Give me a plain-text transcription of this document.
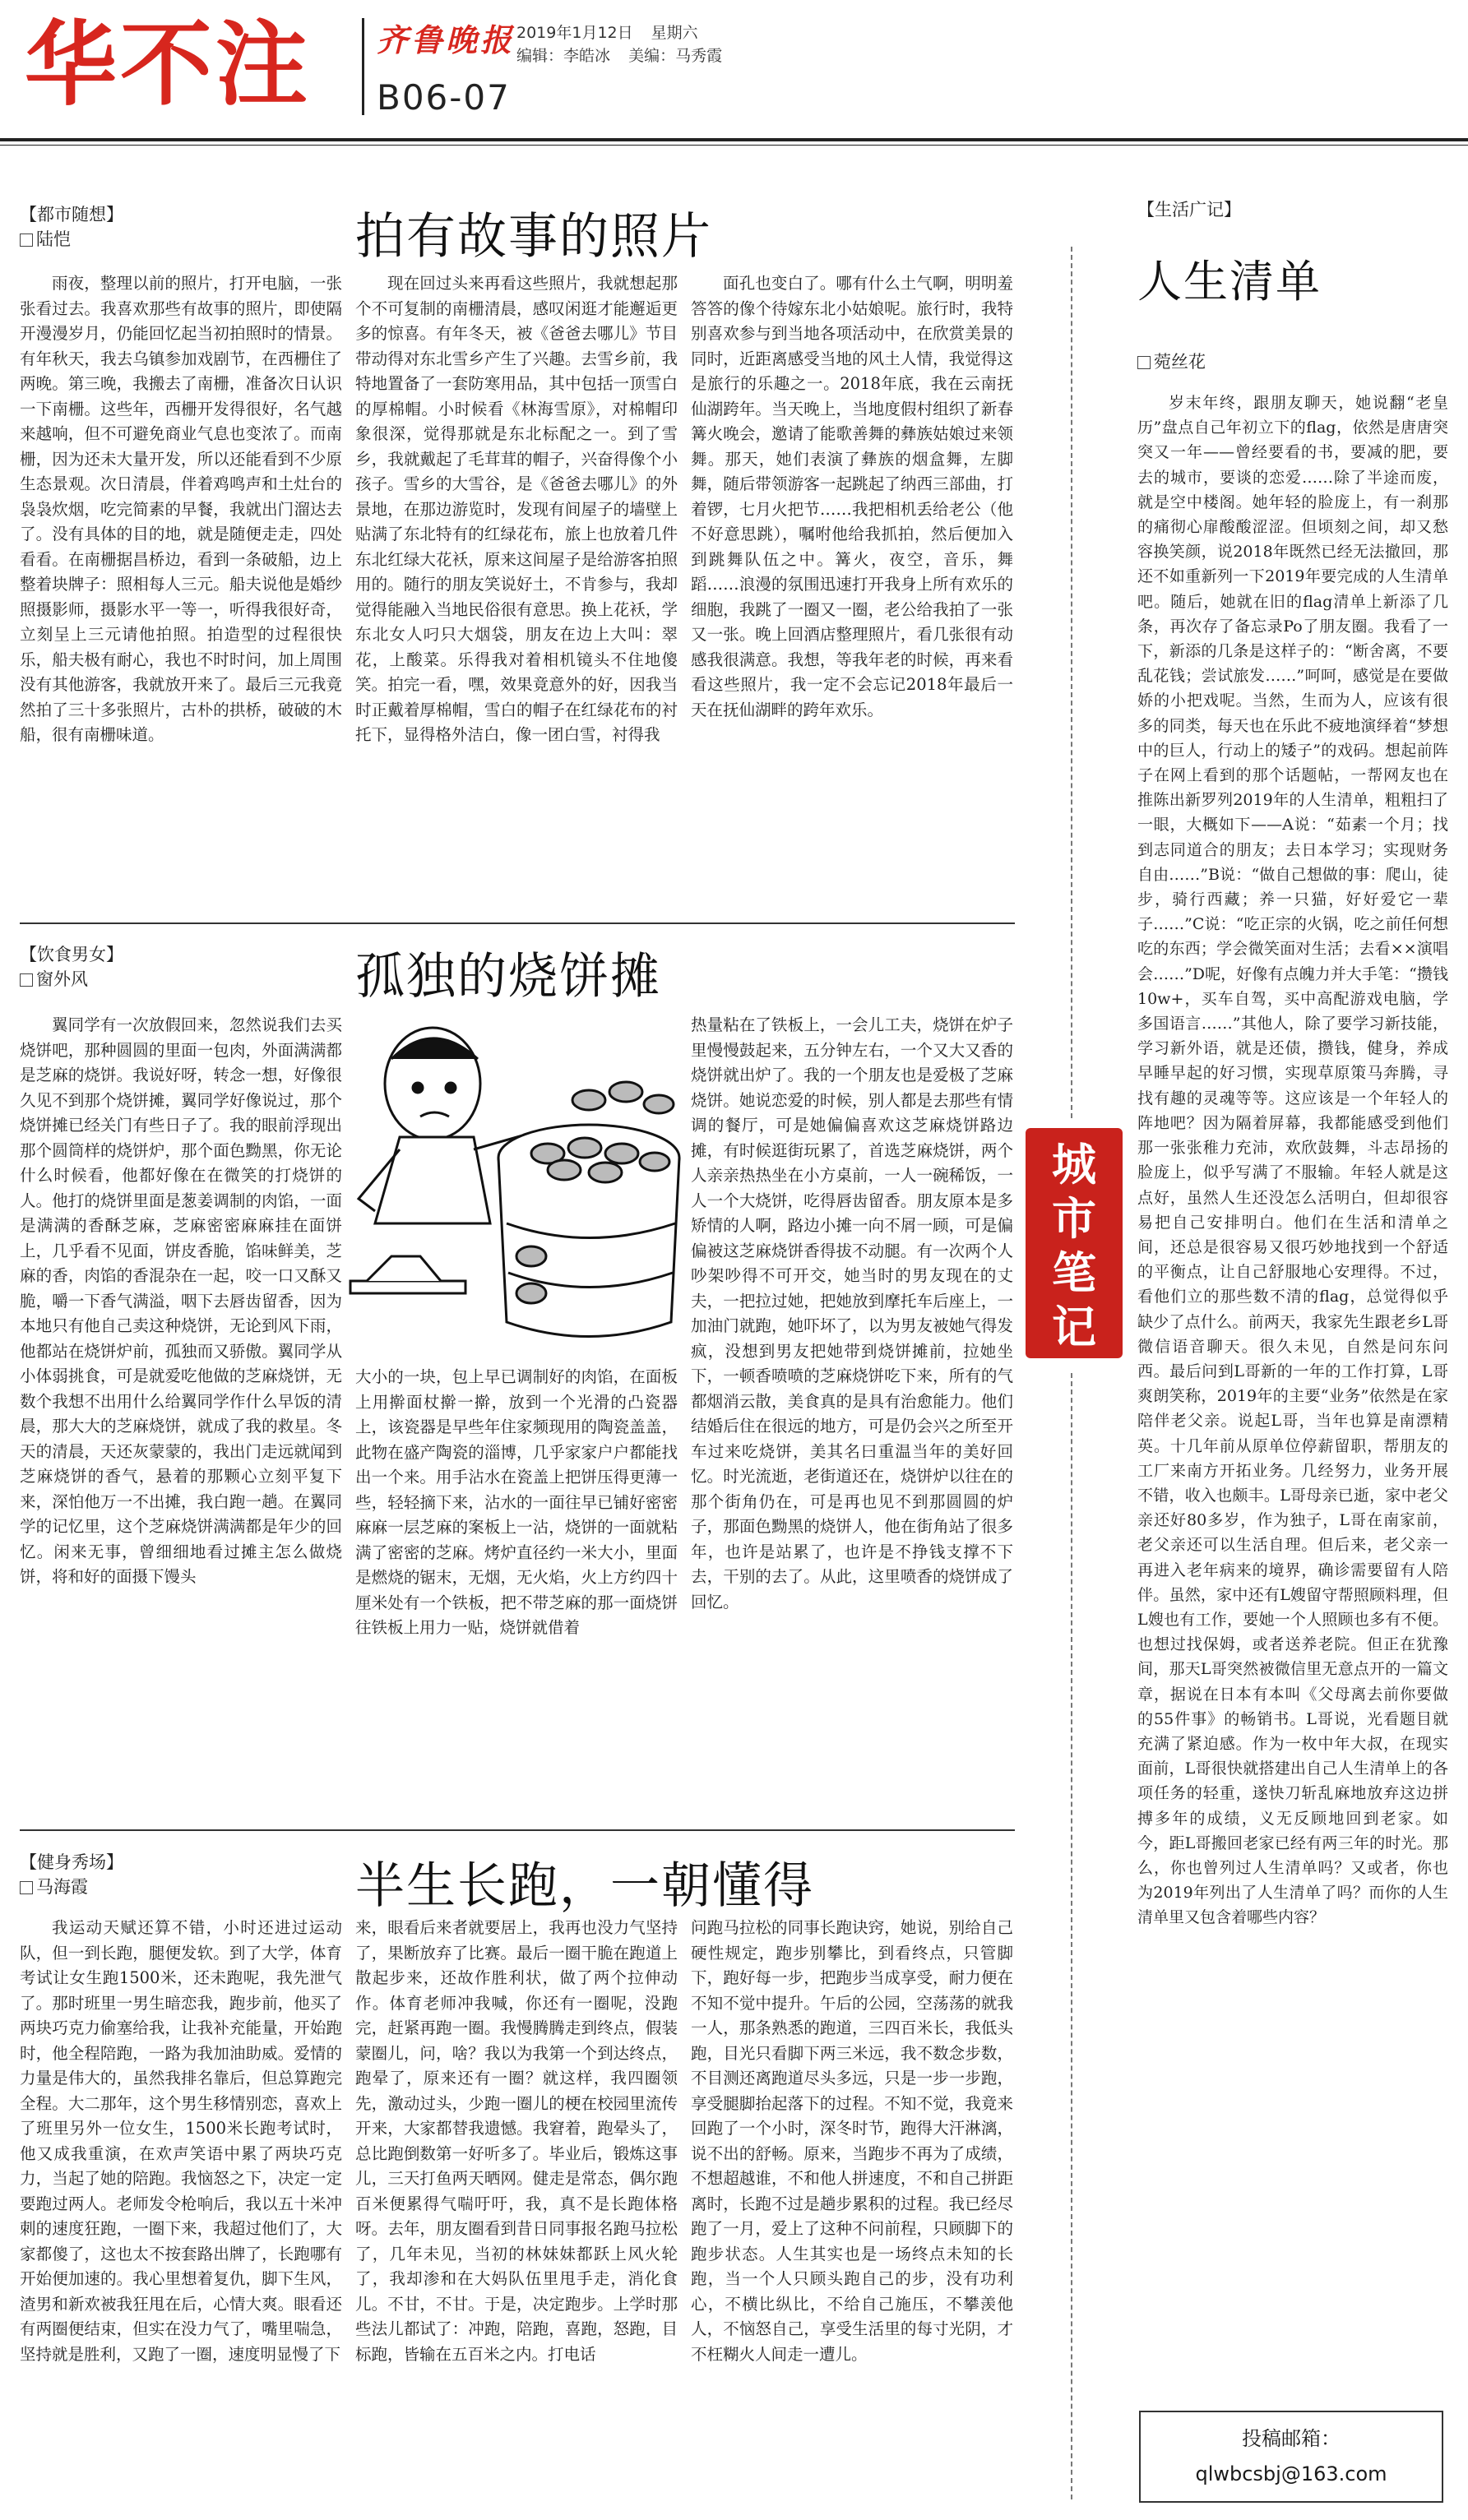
华不注 齐鲁晚报 2019年1月12日 星期六
编辑：李皓冰 美编：马秀霞
B06-07
【都市随想】
陆恺	拍有故事的照片
雨夜，整理以前的照片，打开电脑，一张张看过去。我喜欢那些有故事的照片，即使隔开漫漫岁月，仍能回忆起当初拍照时的情景。有年秋天，我去乌镇参加戏剧节，在西栅住了两晚。第三晚，我搬去了南栅，准备次日认识一下南栅。这些年，西栅开发得很好，名气越来越响，但不可避免商业气息也变浓了。而南栅，因为还未大量开发，所以还能看到不少原生态景观。次日清晨，伴着鸡鸣声和土灶台的袅袅炊烟，吃完简素的早餐，我就出门溜达去了。没有具体的目的地，就是随便走走，四处看看。在南栅据昌桥边，看到一条破船，边上整着块牌子：照相每人三元。船夫说他是婚纱照摄影师，摄影水平一等一，听得我很好奇，立刻呈上三元请他拍照。拍造型的过程很快乐，船夫极有耐心，我也不时时问，加上周围没有其他游客，我就放开来了。最后三元我竟然拍了三十多张照片，古朴的拱桥，破破的木船，很有南栅味道。
现在回过头来再看这些照片，我就想起那个不可复制的南栅清晨，感叹闲逛才能邂逅更多的惊喜。有年冬天，被《爸爸去哪儿》节目带动得对东北雪乡产生了兴趣。去雪乡前，我特地置备了一套防寒用品，其中包括一顶雪白的厚棉帽。小时候看《林海雪原》，对棉帽印象很深，觉得那就是东北标配之一。到了雪乡，我就戴起了毛茸茸的帽子，兴奋得像个小孩子。雪乡的大雪谷，是《爸爸去哪儿》的外景地，在那边游览时，发现有间屋子的墙壁上贴满了东北特有的红绿花布，旅上也放着几件东北红绿大花袄，原来这间屋子是给游客拍照用的。随行的朋友笑说好土，不肯参与，我却觉得能融入当地民俗很有意思。换上花袄，学东北女人叼只大烟袋，朋友在边上大叫：翠花，上酸菜。乐得我对着相机镜头不住地傻笑。拍完一看，嘿，效果竟意外的好，因我当时正戴着厚棉帽，雪白的帽子在红绿花布的衬托下，显得格外洁白，像一团白雪，衬得我
面孔也变白了。哪有什么土气啊，明明羞答答的像个待嫁东北小姑娘呢。旅行时，我特别喜欢参与到当地各项活动中，在欣赏美景的同时，近距离感受当地的风土人情，我觉得这是旅行的乐趣之一。2018年底，我在云南抚仙湖跨年。当天晚上，当地度假村组织了新春篝火晚会，邀请了能歌善舞的彝族姑娘过来领舞。那天，她们表演了彝族的烟盒舞，左脚舞，随后带领游客一起跳起了纳西三部曲，打着锣，七月火把节……我把相机丢给老公（他不好意思跳），嘱咐他给我抓拍，然后便加入到跳舞队伍之中。篝火，夜空，音乐，舞蹈……浪漫的氛围迅速打开我身上所有欢乐的细胞，我跳了一圈又一圈，老公给我拍了一张又一张。晚上回酒店整理照片，看几张很有动感我很满意。我想，等我年老的时候，再来看看这些照片，我一定不会忘记2018年最后一天在抚仙湖畔的跨年欢乐。
【饮食男女】
窗外风	孤独的烧饼摊
翼同学有一次放假回来，忽然说我们去买烧饼吧，那种圆圆的里面一包肉，外面满满都是芝麻的烧饼。我说好呀，转念一想，好像很久见不到那个烧饼摊，翼同学好像说过，那个烧饼摊已经关门有些日子了。我的眼前浮现出那个圆筒样的烧饼炉，那个面色黝黑，你无论什么时候看，他都好像在在微笑的打烧饼的人。他打的烧饼里面是葱姜调制的肉馅，一面是满满的香酥芝麻，芝麻密密麻麻挂在面饼上，几乎看不见面，饼皮香脆，馅味鲜美，芝麻的香，肉馅的香混杂在一起，咬一口又酥又脆，嚼一下香气满溢，咽下去唇齿留香，因为本地只有他自己卖这种烧饼，无论到风下雨，他都站在烧饼炉前，孤独而又骄傲。翼同学从小体弱挑食，可是就爱吃他做的芝麻烧饼，无数个我想不出用什么给翼同学作什么早饭的清晨，那大大的芝麻烧饼，就成了我的救星。冬天的清晨，天还灰蒙蒙的，我出门走远就闻到芝麻烧饼的香气，悬着的那颗心立刻平复下来，深怕他万一不出摊，我白跑一趟。在翼同学的记忆里，这个芝麻烧饼满满都是年少的回忆。闲来无事，曾细细地看过摊主怎么做烧饼，将和好的面摄下馒头
大小的一块，包上早已调制好的肉馅，在面板上用擀面杖擀一擀，放到一个光滑的凸瓷器上，该瓷器是早些年住家频现用的陶瓷盖盖，此物在盛产陶瓷的淄博，几乎家家户户都能找出一个来。用手沾水在瓷盖上把饼压得更薄一些，轻轻摘下来，沾水的一面往早已铺好密密麻麻一层芝麻的案板上一沾，烧饼的一面就粘满了密密的芝麻。烤炉直径约一米大小，里面是燃烧的锯末，无烟，无火焰，火上方约四十厘米处有一个铁板，把不带芝麻的那一面烧饼往铁板上用力一贴，烧饼就借着
热量粘在了铁板上，一会儿工夫，烧饼在炉子里慢慢鼓起来，五分钟左右，一个又大又香的烧饼就出炉了。我的一个朋友也是爱极了芝麻烧饼。她说恋爱的时候，别人都是去那些有情调的餐厅，可是她偏偏喜欢这芝麻烧饼路边摊，有时候逛街玩累了，首选芝麻烧饼，两个人亲亲热热坐在小方桌前，一人一碗稀饭，一人一个大烧饼，吃得唇齿留香。朋友原本是多矫情的人啊，路边小摊一向不屑一顾，可是偏偏被这芝麻烧饼香得拔不动腿。有一次两个人吵架吵得不可开交，她当时的男友现在的丈夫，一把拉过她，把她放到摩托车后座上，一加油门就跑，她吓坏了，以为男友被她气得发疯，没想到男友把她带到烧饼摊前，拉她坐下，一顿香喷喷的芝麻烧饼吃下来，所有的气都烟消云散，美食真的是具有治愈能力。他们结婚后住在很远的地方，可是仍会兴之所至开车过来吃烧饼，美其名曰重温当年的美好回忆。时光流逝，老街道还在，烧饼炉以往在的那个街角仍在，可是再也见不到那圆圆的炉子，那面色黝黑的烧饼人，他在街角站了很多年，也许是站累了，也许是不挣钱支撑不下去，干别的去了。从此，这里喷香的烧饼成了回忆。
【健身秀场】
马海霞	半生长跑，一朝懂得
我运动天赋还算不错，小时还进过运动队，但一到长跑，腿便发软。到了大学，体育考试让女生跑1500米，还未跑呢，我先泄气了。那时班里一男生暗恋我，跑步前，他买了两块巧克力偷塞给我，让我补充能量，开始跑时，他全程陪跑，一路为我加油助威。爱情的力量是伟大的，虽然我排名靠后，但总算跑完全程。大二那年，这个男生移情别恋，喜欢上了班里另外一位女生，1500米长跑考试时，他又成我重演，在欢声笑语中累了两块巧克力，当起了她的陪跑。我恼怒之下，决定一定要跑过两人。老师发令枪响后，我以五十米冲刺的速度狂跑，一圈下来，我超过他们了，大家都傻了，这也太不按套路出牌了，长跑哪有开始便加速的。我心里想着复仇，脚下生风，渣男和新欢被我狂甩在后，心情大爽。眼看还有两圈便结束，但实在没力气了，嘴里喘急，坚持就是胜利，又跑了一圈，速度明显慢了下
来，眼看后来者就要居上，我再也没力气坚持了，果断放弃了比赛。最后一圈干脆在跑道上散起步来，还故作胜利状，做了两个拉伸动作。体育老师冲我喊，你还有一圈呢，没跑完，赶紧再跑一圈。我慢腾腾走到终点，假装蒙圈儿，问，啥？我以为我第一个到达终点，跑晕了，原来还有一圈？就这样，我四圈领先，激动过头，少跑一圈儿的梗在校园里流传开来，大家都替我遗憾。我窘着，跑晕头了，总比跑倒数第一好听多了。毕业后，锻炼这事儿，三天打鱼两天晒网。健走是常态，偶尔跑百米便累得气喘吁吁，我，真不是长跑体格呀。去年，朋友圈看到昔日同事报名跑马拉松了，几年未见，当初的林妹妹都跃上风火轮了，我却渗和在大妈队伍里甩手走，消化食儿。不甘，不甘。于是，决定跑步。上学时那些法儿都试了：冲跑，陪跑，喜跑，怒跑，目标跑，皆输在五百米之内。打电话
问跑马拉松的同事长跑诀窍，她说，别给自己硬性规定，跑步别攀比，到看终点，只管脚下，跑好每一步，把跑步当成享受，耐力便在不知不觉中提升。午后的公园，空荡荡的就我一人，那条熟悉的跑道，三四百米长，我低头跑，目光只看脚下两三米远，我不数念步数，不目测还离跑道尽头多远，只是一步一步跑，享受腿脚抬起落下的过程。不知不觉，我竟来回跑了一个小时，深冬时节，跑得大汗淋漓，说不出的舒畅。原来，当跑步不再为了成绩，不想超越谁，不和他人拼速度，不和自己拼距离时，长跑不过是趟步累积的过程。我已经尽跑了一月，爱上了这种不问前程，只顾脚下的跑步状态。人生其实也是一场终点未知的长跑，当一个人只顾头跑自己的步，没有功利心，不横比纵比，不给自己施压，不攀羡他人，不恼怒自己，享受生活里的每寸光阴，才不枉糊火人间走一遭儿。
【生活广记】
人生清单
菀丝花
岁末年终，跟朋友聊天，她说翻“老皇历”盘点自己年初立下的flag，依然是唐唐突突又一年——曾经要看的书，要减的肥，要去的城市，要谈的恋爱……除了半途而废，就是空中楼阁。她年轻的脸庞上，有一刹那的痛彻心扉酸酸涩涩。但顷刻之间，却又愁容换笑颜，说2018年既然已经无法撤回，那还不如重新列一下2019年要完成的人生清单吧。随后，她就在旧的flag清单上新添了几条，再次存了备忘录Po了朋友圈。我看了一下，新添的几条是这样子的：“断舍离，不要乱花钱；尝试旅发……”呵呵，感觉是在要做娇的小把戏呢。当然，生而为人，应该有很多的同类，每天也在乐此不疲地演绎着“梦想中的巨人，行动上的矮子”的戏码。想起前阵子在网上看到的那个话题帖，一帮网友也在推陈出新罗列2019年的人生清单，粗粗扫了一眼，大概如下——A说：“茹素一个月；找到志同道合的朋友；去日本学习；实现财务自由……”B说：“做自己想做的事：爬山，徒步，骑行西藏；养一只猫，好好爱它一辈子……”C说：“吃正宗的火锅，吃之前任何想吃的东西；学会微笑面对生活；去看××演唱会……”D呢，好像有点魄力并大手笔：“攒钱10w+，买车自驾，买中高配游戏电脑，学多国语言……”其他人，除了要学习新技能，学习新外语，就是还债，攒钱，健身，养成早睡早起的好习惯，实现草原策马奔腾，寻找有趣的灵魂等等。这应该是一个年轻人的阵地吧？因为隔着屏幕，我都能感受到他们那一张张稚力充沛，欢欣鼓舞，斗志昂扬的脸庞上，似乎写满了不服输。年轻人就是这点好，虽然人生还没怎么活明白，但却很容易把自己安排明白。他们在生活和清单之间，还总是很容易又很巧妙地找到一个舒适的平衡点，让自己舒服地心安理得。不过，看他们立的那些数不清的flag，总觉得似乎缺少了点什么。前两天，我家先生跟老乡L哥微信语音聊天。很久未见，自然是问东问西。最后问到L哥新的一年的工作打算，L哥爽朗笑称，2019年的主要“业务”依然是在家陪伴老父亲。说起L哥，当年也算是南漂精英。十几年前从原单位停薪留职，帮朋友的工厂来南方开拓业务。几经努力，业务开展不错，收入也颇丰。L哥母亲已逝，家中老父亲还好80多岁，作为独子，L哥在南家前，老父亲还可以生活自理。但后来，老父亲一再进入老年病来的境界，确诊需要留有人陪伴。虽然，家中还有L嫂留守帮照顾料理，但L嫂也有工作，要她一个人照顾也多有不便。也想过找保姆，或者送养老院。但正在犹豫间，那天L哥突然被微信里无意点开的一篇文章，据说在日本有本叫《父母离去前你要做的55件事》的畅销书。L哥说，光看题目就充满了紧迫感。作为一枚中年大叔，在现实面前，L哥很快就搭建出自己人生清单上的各项任务的轻重，遂快刀斩乱麻地放弃这边拼搏多年的成绩，义无反顾地回到老家。如今，距L哥搬回老家已经有两三年的时光。那么，你也曾列过人生清单吗？又或者，你也为2019年列出了人生清单了吗？而你的人生清单里又包含着哪些内容？
城
市
笔
记
投稿邮箱：
qlwbcsbj@163.com
